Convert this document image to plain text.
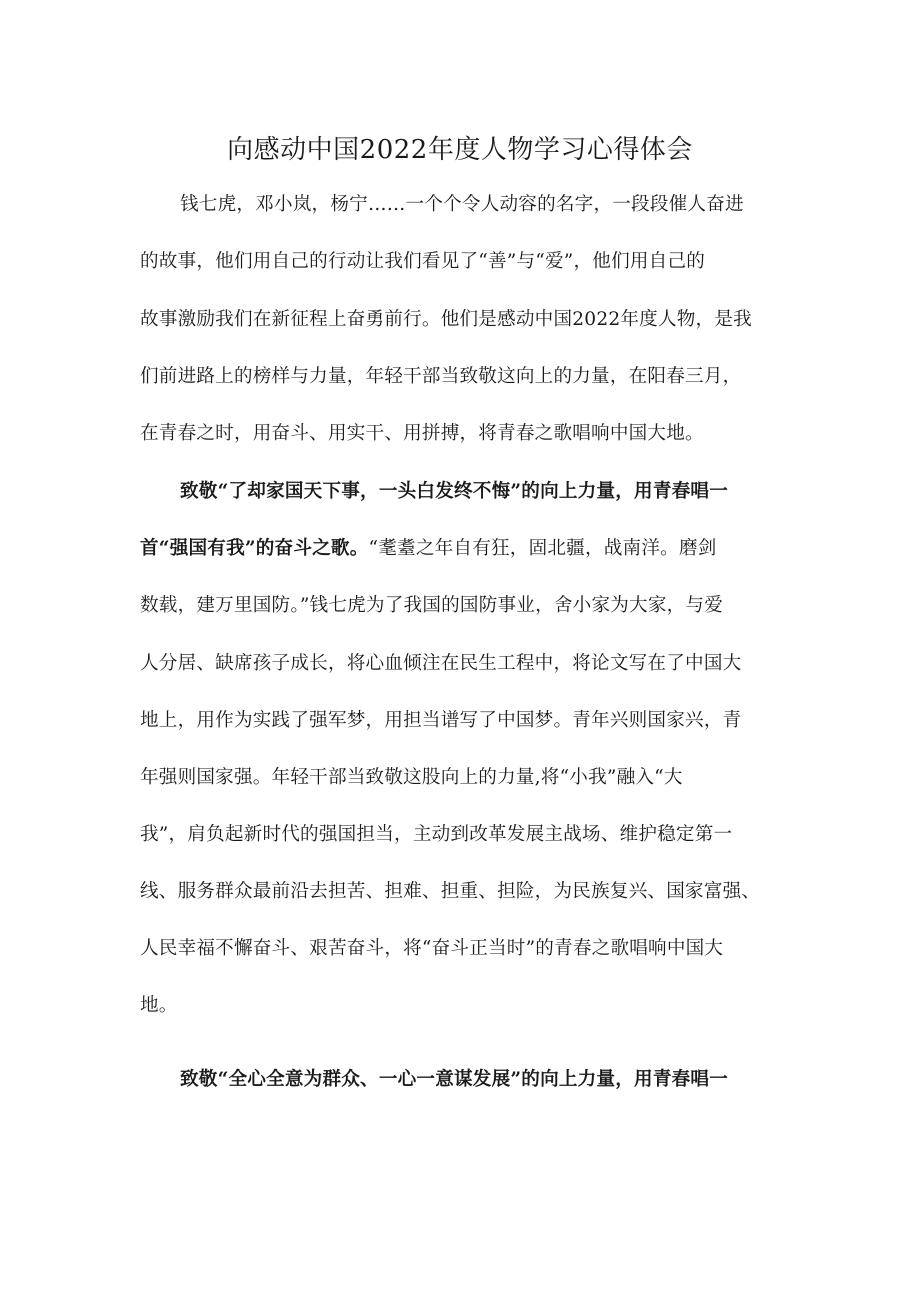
向感动中国2022年度人物学习心得体会
钱七虎，邓小岚，杨宁……一个个令人动容的名字，一段段催人奋进
的故事，他们用自己的行动让我们看见了“善”与“爱”，他们用自己的
故事激励我们在新征程上奋勇前行。他们是感动中国2022年度人物，是我
们前进路上的榜样与力量，年轻干部当致敬这向上的力量，在阳春三月，
在青春之时，用奋斗、用实干、用拼搏，将青春之歌唱响中国大地。
致敬“了却家国天下事，一头白发终不悔”的向上力量，用青春唱一
首“强国有我”的奋斗之歌。“耄耋之年自有狂，固北疆，战南洋。磨剑
数载，建万里国防。”钱七虎为了我国的国防事业，舍小家为大家，与爱
人分居、缺席孩子成长，将心血倾注在民生工程中，将论文写在了中国大
地上，用作为实践了强军梦，用担当谱写了中国梦。青年兴则国家兴，青
年强则国家强。年轻干部当致敬这股向上的力量,将“小我”融入“大
我”，肩负起新时代的强国担当，主动到改革发展主战场、维护稳定第一
线、服务群众最前沿去担苦、担难、担重、担险，为民族复兴、国家富强、
人民幸福不懈奋斗、艰苦奋斗，将“奋斗正当时”的青春之歌唱响中国大
地。
致敬“全心全意为群众、一心一意谋发展”的向上力量，用青春唱一
